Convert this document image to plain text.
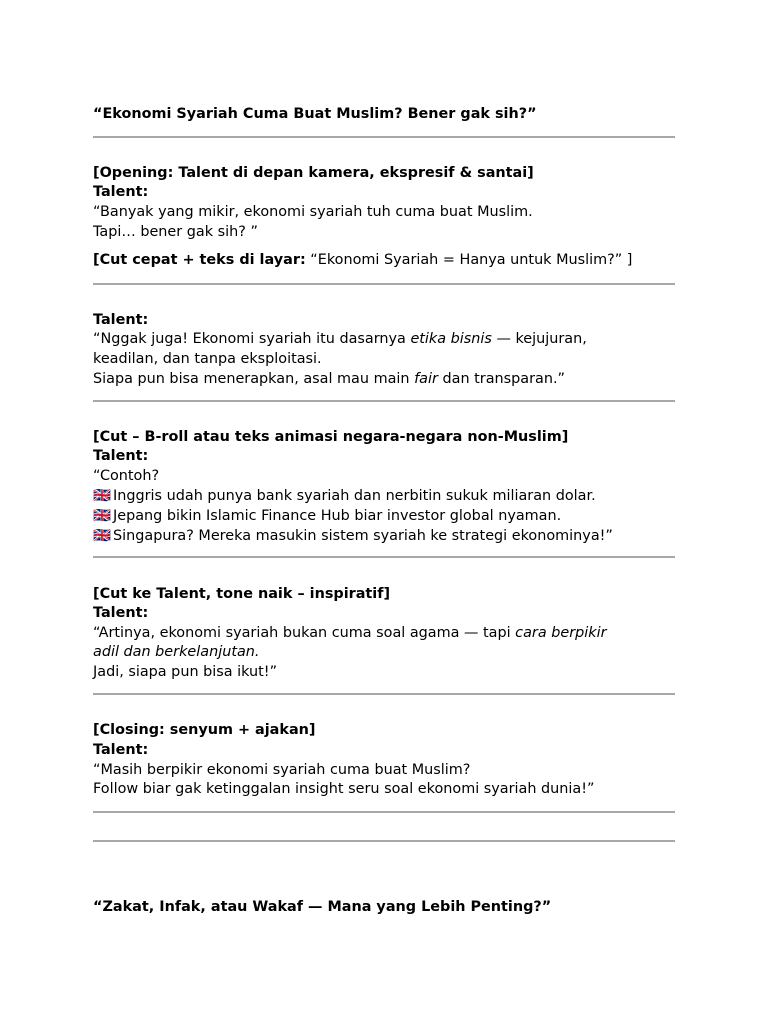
“Ekonomi Syariah Cuma Buat Muslim? Bener gak sih?”
[Opening: Talent di depan kamera, ekspresif & santai]
Talent:
“Banyak yang mikir, ekonomi syariah tuh cuma buat Muslim.
Tapi… bener gak sih? ”
[Cut cepat + teks di layar: “Ekonomi Syariah = Hanya untuk Muslim?” ]
Talent:
“Nggak juga! Ekonomi syariah itu dasarnya etika bisnis — kejujuran,
keadilan, dan tanpa eksploitasi.
Siapa pun bisa menerapkan, asal mau main fair dan transparan.”
[Cut – B-roll atau teks animasi negara-negara non-Muslim]
Talent:
“Contoh?
🇬🇧 Inggris udah punya bank syariah dan nerbitin sukuk miliaran dolar.
🇬🇧 Jepang bikin Islamic Finance Hub biar investor global nyaman.
🇬🇧 Singapura? Mereka masukin sistem syariah ke strategi ekonominya!”
[Cut ke Talent, tone naik – inspiratif]
Talent:
“Artinya, ekonomi syariah bukan cuma soal agama — tapi cara berpikir
adil dan berkelanjutan.
Jadi, siapa pun bisa ikut!”
[Closing: senyum + ajakan]
Talent:
“Masih berpikir ekonomi syariah cuma buat Muslim?
Follow biar gak ketinggalan insight seru soal ekonomi syariah dunia!”
“Zakat, Infak, atau Wakaf — Mana yang Lebih Penting?”
